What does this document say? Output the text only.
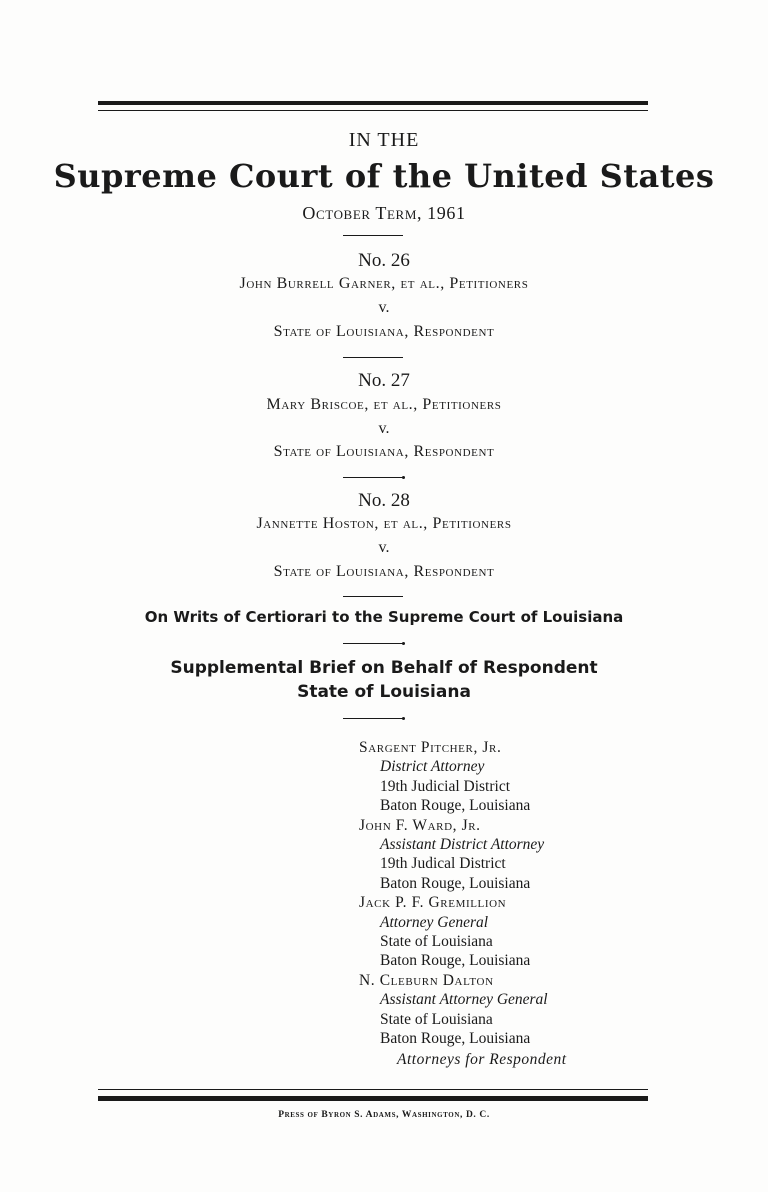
IN THE
Supreme Court of the United States
October Term, 1961
No. 26
John Burrell Garner, et al., Petitioners
v.
State of Louisiana, Respondent
No. 27
Mary Briscoe, et al., Petitioners
v.
State of Louisiana, Respondent
No. 28
Jannette Hoston, et al., Petitioners
v.
State of Louisiana, Respondent
On Writs of Certiorari to the Supreme Court of Louisiana
Supplemental Brief on Behalf of Respondent
State of Louisiana
Sargent Pitcher, Jr.
District Attorney
19th Judicial District
Baton Rouge, Louisiana
John F. Ward, Jr.
Assistant District Attorney
19th Judical District
Baton Rouge, Louisiana
Jack P. F. Gremillion
Attorney General
State of Louisiana
Baton Rouge, Louisiana
N. Cleburn Dalton
Assistant Attorney General
State of Louisiana
Baton Rouge, Louisiana
Attorneys for Respondent
Press of Byron S. Adams, Washington, D. C.
